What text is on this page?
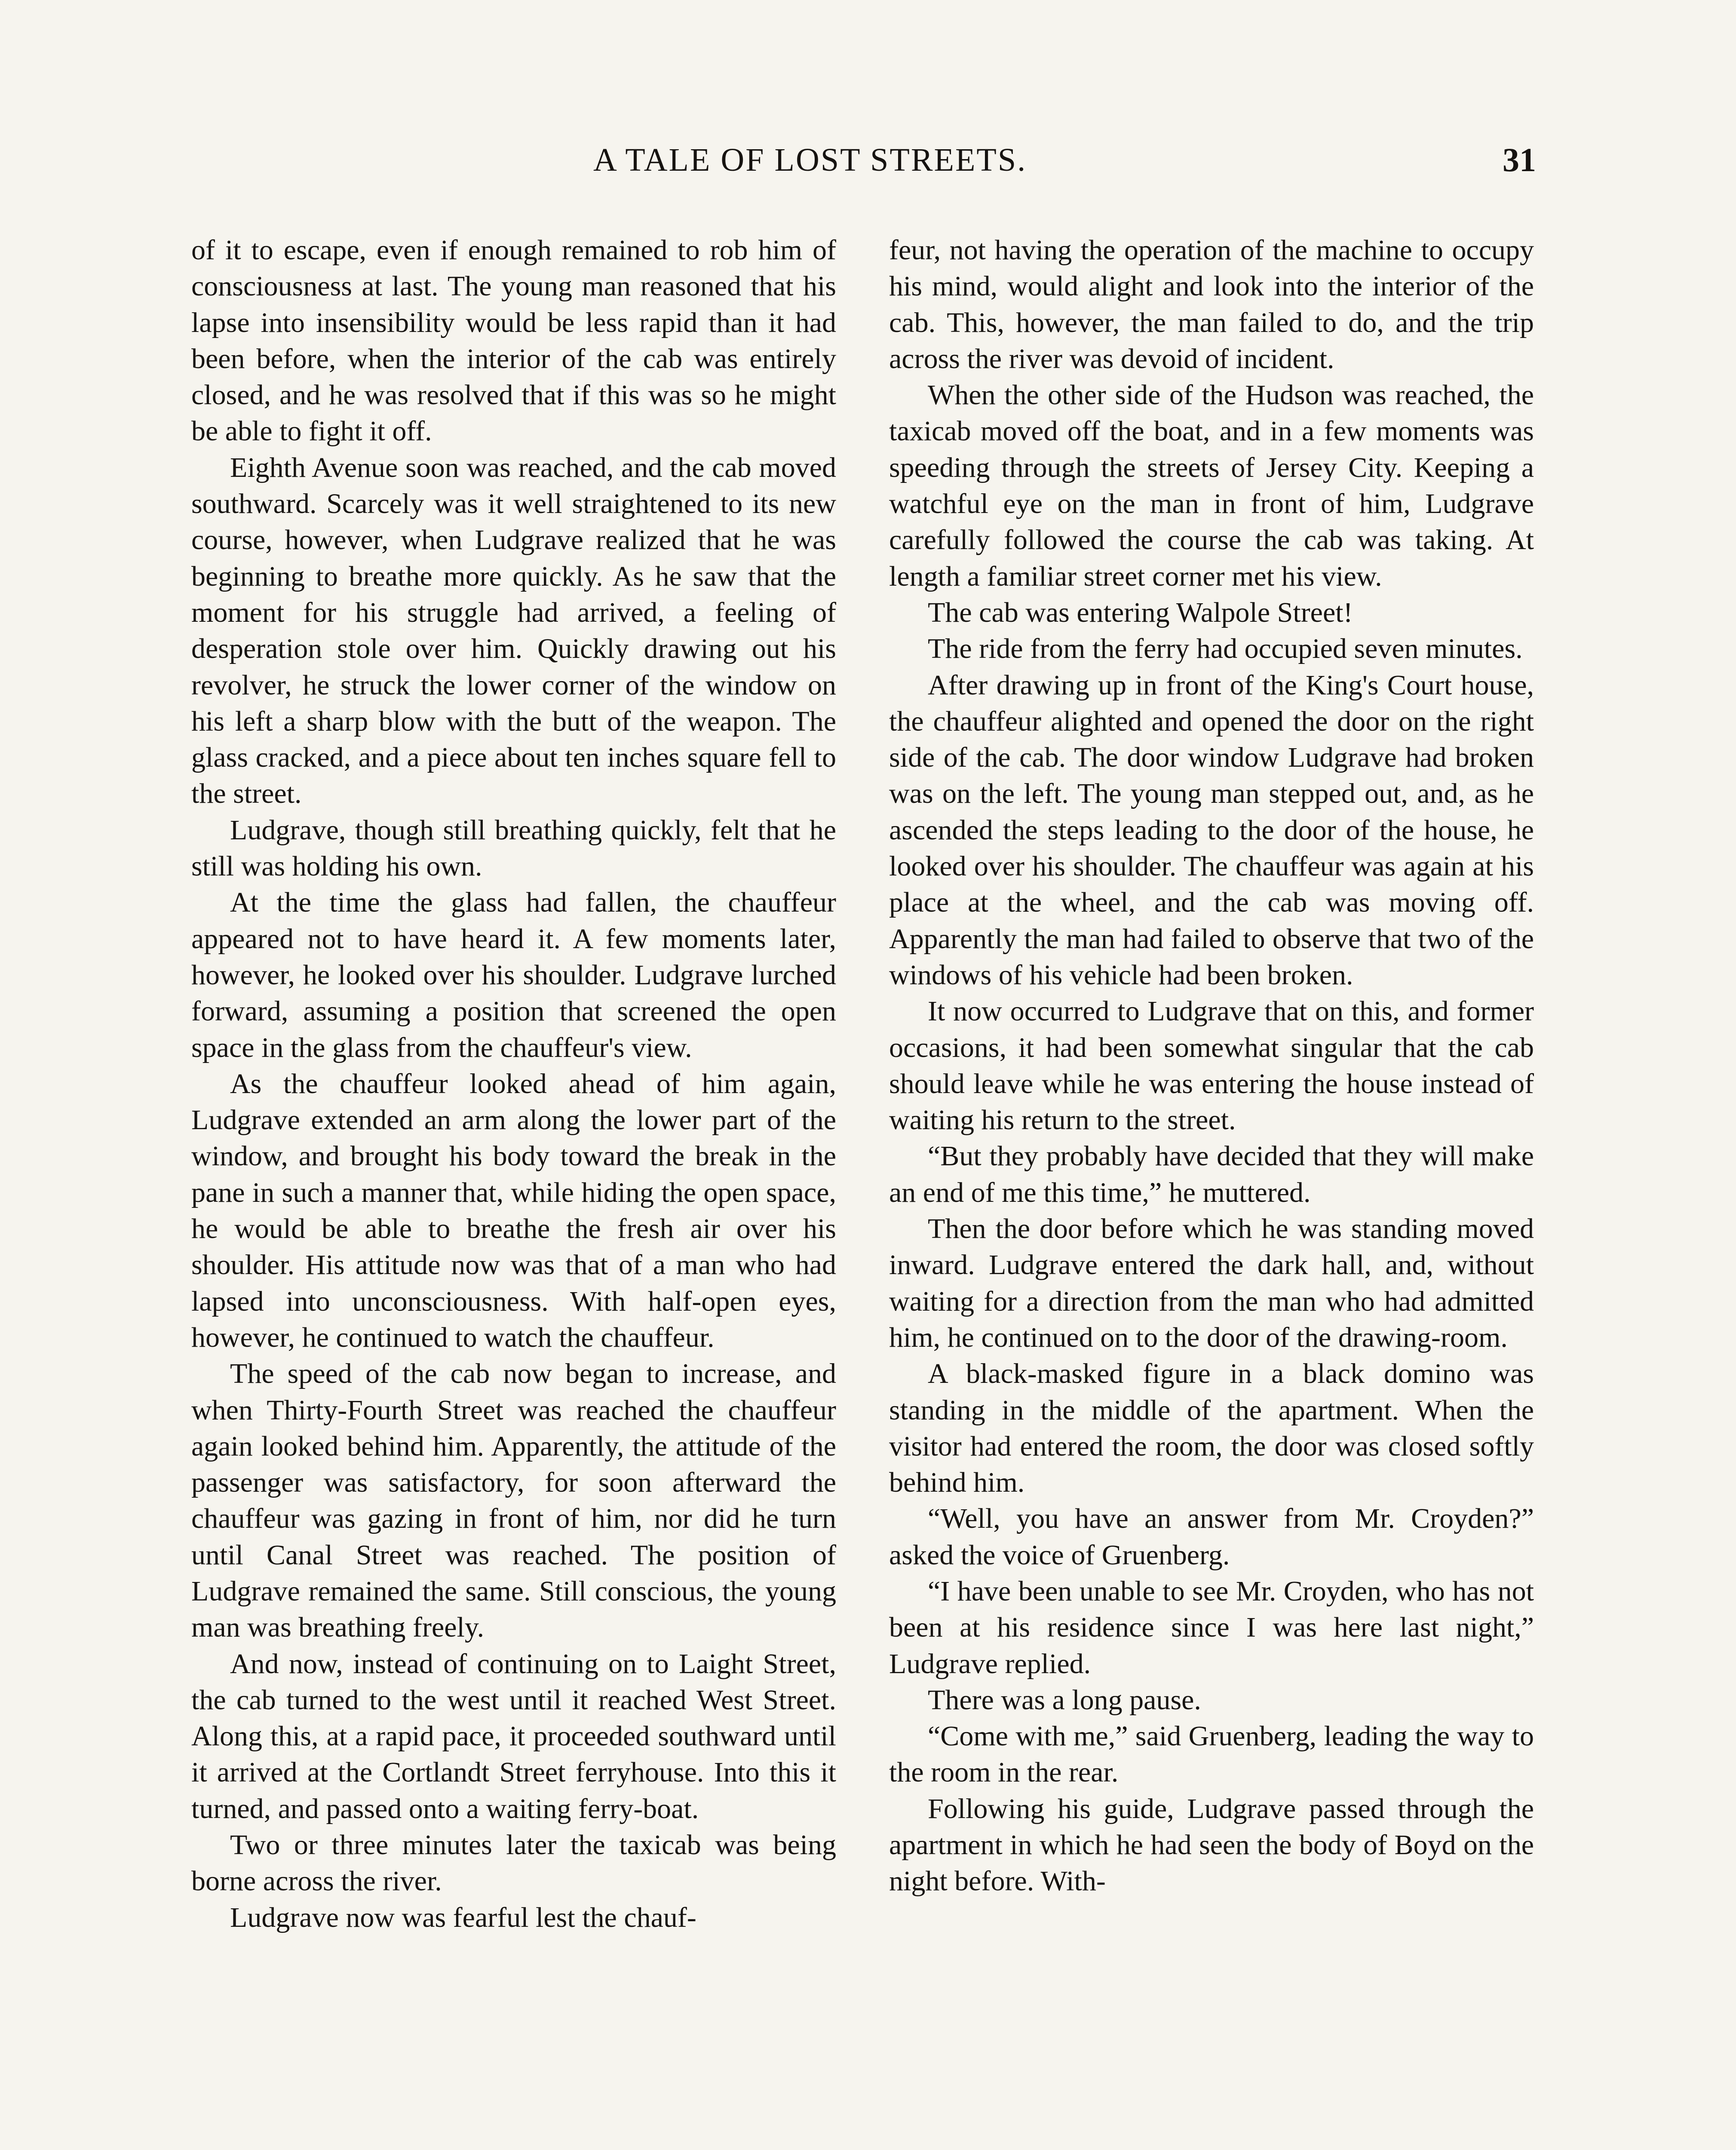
A TALE OF LOST STREETS.	31

of it to escape, even if enough remained to rob him of consciousness at last. The young man reasoned that his lapse into insensibility would be less rapid than it had been before, when the interior of the cab was entirely closed, and he was resolved that if this was so he might be able to fight it off.

Eighth Avenue soon was reached, and the cab moved southward. Scarcely was it well straightened to its new course, however, when Ludgrave realized that he was beginning to breathe more quickly. As he saw that the moment for his struggle had arrived, a feeling of desperation stole over him. Quickly drawing out his revolver, he struck the lower corner of the window on his left a sharp blow with the butt of the weapon. The glass cracked, and a piece about ten inches square fell to the street.

Ludgrave, though still breathing quickly, felt that he still was holding his own.

At the time the glass had fallen, the chauffeur appeared not to have heard it. A few moments later, however, he looked over his shoulder. Ludgrave lurched forward, assuming a position that screened the open space in the glass from the chauffeur's view.

As the chauffeur looked ahead of him again, Ludgrave extended an arm along the lower part of the window, and brought his body toward the break in the pane in such a manner that, while hiding the open space, he would be able to breathe the fresh air over his shoulder. His attitude now was that of a man who had lapsed into unconsciousness. With half-open eyes, however, he continued to watch the chauffeur.

The speed of the cab now began to increase, and when Thirty-Fourth Street was reached the chauffeur again looked behind him. Apparently, the attitude of the passenger was satisfactory, for soon afterward the chauffeur was gazing in front of him, nor did he turn until Canal Street was reached. The position of Ludgrave remained the same. Still conscious, the young man was breathing freely.

And now, instead of continuing on to Laight Street, the cab turned to the west until it reached West Street. Along this, at a rapid pace, it proceeded southward until it arrived at the Cortlandt Street ferryhouse. Into this it turned, and passed onto a waiting ferry-boat.

Two or three minutes later the taxicab was being borne across the river.

Ludgrave now was fearful lest the chauf-

feur, not having the operation of the machine to occupy his mind, would alight and look into the interior of the cab. This, however, the man failed to do, and the trip across the river was devoid of incident.

When the other side of the Hudson was reached, the taxicab moved off the boat, and in a few moments was speeding through the streets of Jersey City. Keeping a watchful eye on the man in front of him, Ludgrave carefully followed the course the cab was taking. At length a familiar street corner met his view.

The cab was entering Walpole Street!

The ride from the ferry had occupied seven minutes.

After drawing up in front of the King's Court house, the chauffeur alighted and opened the door on the right side of the cab. The door window Ludgrave had broken was on the left. The young man stepped out, and, as he ascended the steps leading to the door of the house, he looked over his shoulder. The chauffeur was again at his place at the wheel, and the cab was moving off. Apparently the man had failed to observe that two of the windows of his vehicle had been broken.

It now occurred to Ludgrave that on this, and former occasions, it had been somewhat singular that the cab should leave while he was entering the house instead of waiting his return to the street.

“But they probably have decided that they will make an end of me this time,” he muttered.

Then the door before which he was standing moved inward. Ludgrave entered the dark hall, and, without waiting for a direction from the man who had admitted him, he continued on to the door of the drawing-room.

A black-masked figure in a black domino was standing in the middle of the apartment. When the visitor had entered the room, the door was closed softly behind him.

“Well, you have an answer from Mr. Croyden?” asked the voice of Gruenberg.

“I have been unable to see Mr. Croyden, who has not been at his residence since I was here last night,” Ludgrave replied.

There was a long pause.

“Come with me,” said Gruenberg, leading the way to the room in the rear.

Following his guide, Ludgrave passed through the apartment in which he had seen the body of Boyd on the night before. With-
